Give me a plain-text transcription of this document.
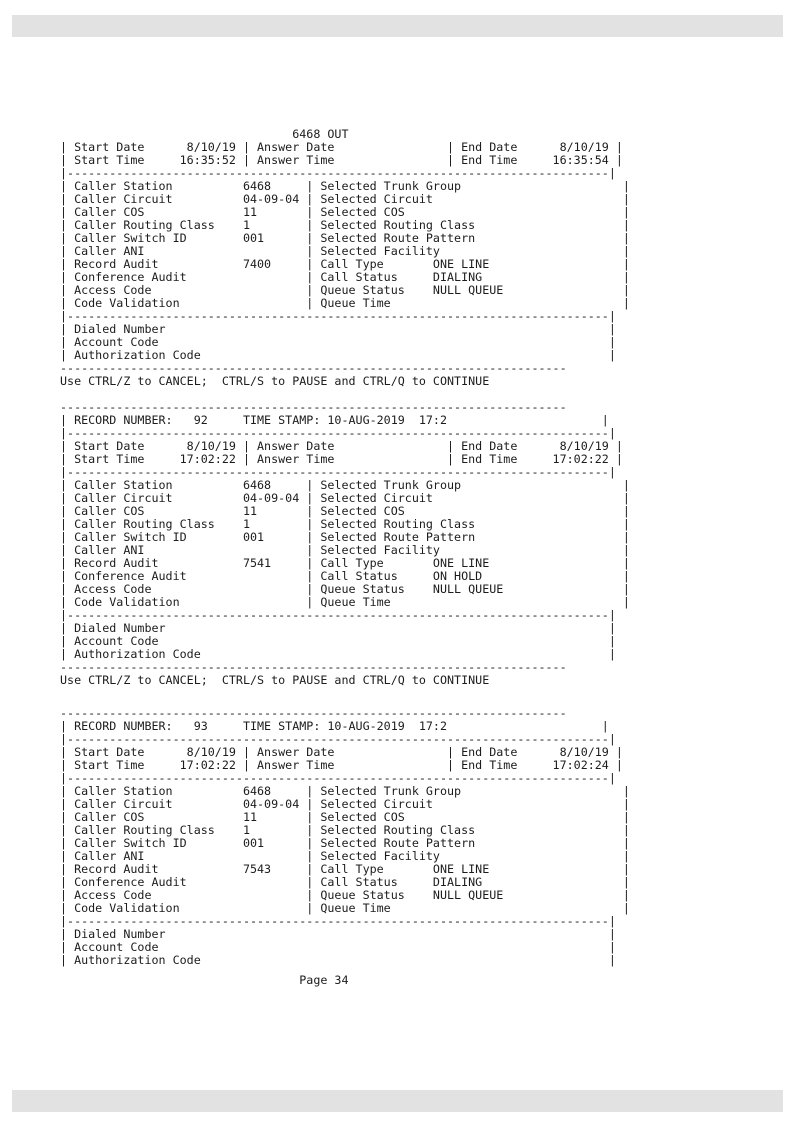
6468 OUT
| Start Date      8/10/19 | Answer Date                | End Date      8/10/19 |
| Start Time     16:35:52 | Answer Time                | End Time     16:35:54 |
|-----------------------------------------------------------------------------|
| Caller Station          6468     | Selected Trunk Group                       |
| Caller Circuit          04-09-04 | Selected Circuit                           |
| Caller COS              11       | Selected COS                               |
| Caller Routing Class    1        | Selected Routing Class                     |
| Caller Switch ID        001      | Selected Route Pattern                     |
| Caller ANI                       | Selected Facility                          |
| Record Audit            7400     | Call Type       ONE LINE                   |
| Conference Audit                 | Call Status     DIALING                    |
| Access Code                      | Queue Status    NULL QUEUE                 |
| Code Validation                  | Queue Time                                 |
|-----------------------------------------------------------------------------|
| Dialed Number                                                               |
| Account Code                                                                |
| Authorization Code                                                          |
------------------------------------------------------------------------
Use CTRL/Z to CANCEL;  CTRL/S to PAUSE and CTRL/Q to CONTINUE
------------------------------------------------------------------------
| RECORD NUMBER:   92     TIME STAMP: 10-AUG-2019  17:2                      |
|-----------------------------------------------------------------------------|
| Start Date      8/10/19 | Answer Date                | End Date      8/10/19 |
| Start Time     17:02:22 | Answer Time                | End Time     17:02:22 |
|-----------------------------------------------------------------------------|
| Caller Station          6468     | Selected Trunk Group                       |
| Caller Circuit          04-09-04 | Selected Circuit                           |
| Caller COS              11       | Selected COS                               |
| Caller Routing Class    1        | Selected Routing Class                     |
| Caller Switch ID        001      | Selected Route Pattern                     |
| Caller ANI                       | Selected Facility                          |
| Record Audit            7541     | Call Type       ONE LINE                   |
| Conference Audit                 | Call Status     ON HOLD                    |
| Access Code                      | Queue Status    NULL QUEUE                 |
| Code Validation                  | Queue Time                                 |
|-----------------------------------------------------------------------------|
| Dialed Number                                                               |
| Account Code                                                                |
| Authorization Code                                                          |
------------------------------------------------------------------------
Use CTRL/Z to CANCEL;  CTRL/S to PAUSE and CTRL/Q to CONTINUE
------------------------------------------------------------------------
| RECORD NUMBER:   93     TIME STAMP: 10-AUG-2019  17:2                      |
|-----------------------------------------------------------------------------|
| Start Date      8/10/19 | Answer Date                | End Date      8/10/19 |
| Start Time     17:02:22 | Answer Time                | End Time     17:02:24 |
|-----------------------------------------------------------------------------|
| Caller Station          6468     | Selected Trunk Group                       |
| Caller Circuit          04-09-04 | Selected Circuit                           |
| Caller COS              11       | Selected COS                               |
| Caller Routing Class    1        | Selected Routing Class                     |
| Caller Switch ID        001      | Selected Route Pattern                     |
| Caller ANI                       | Selected Facility                          |
| Record Audit            7543     | Call Type       ONE LINE                   |
| Conference Audit                 | Call Status     DIALING                    |
| Access Code                      | Queue Status    NULL QUEUE                 |
| Code Validation                  | Queue Time                                 |
|-----------------------------------------------------------------------------|
| Dialed Number                                                               |
| Account Code                                                                |
| Authorization Code                                                          |
Page 34
